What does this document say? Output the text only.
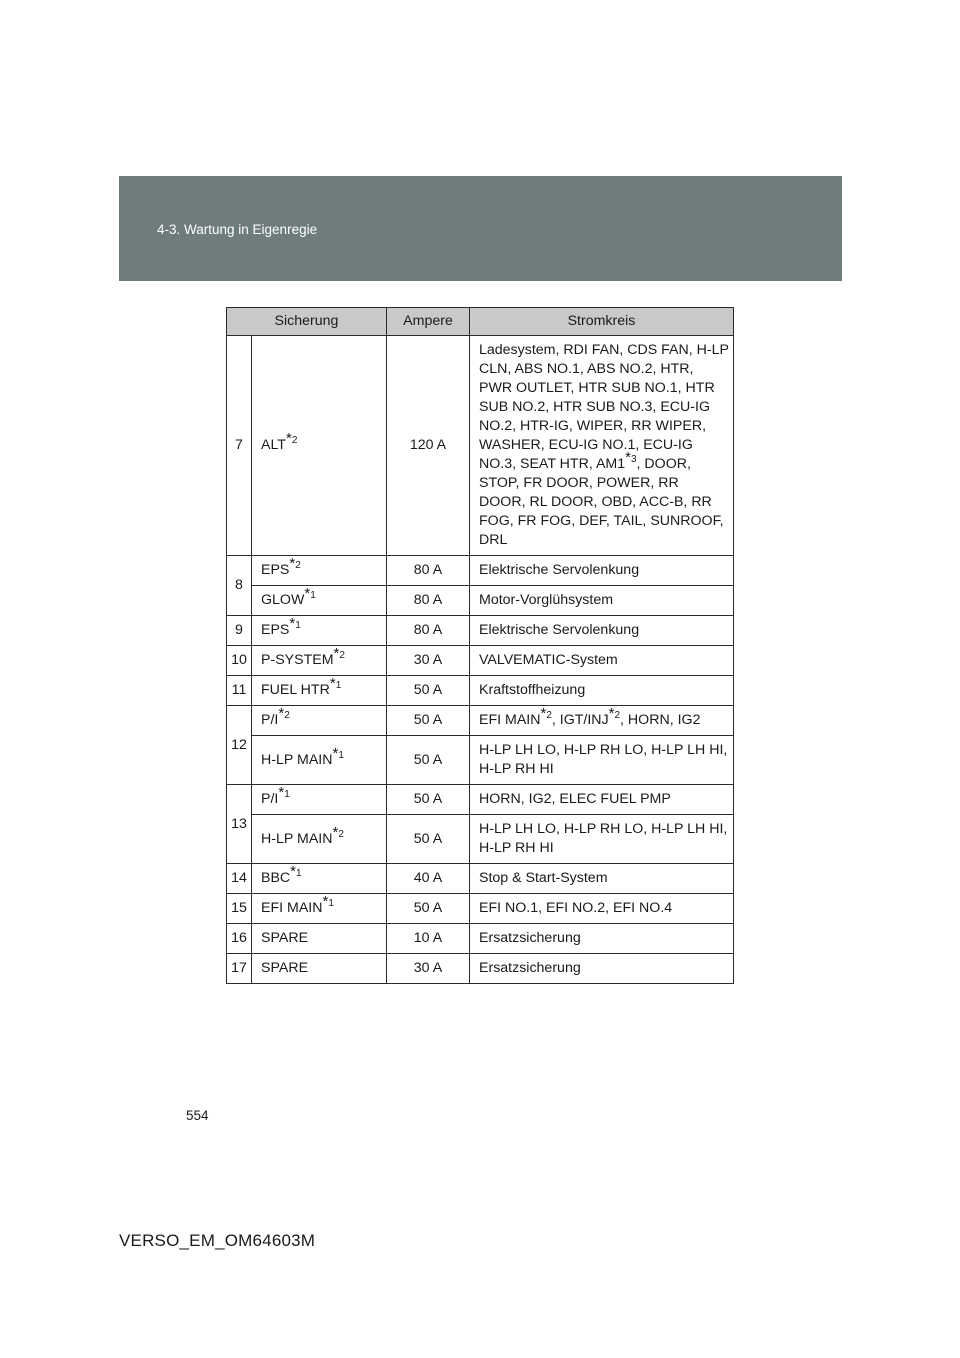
4-3. Wartung in Eigenregie
Sicherung		Ampere	Stromkreis
7	ALT$^{*2}$	120 A	Ladesystem, RDI FAN, CDS FAN, H-LP CLN, ABS NO.1, ABS NO.2, HTR, PWR OUTLET, HTR SUB NO.1, HTR SUB NO.2, HTR SUB NO.3, ECU-IG NO.2, HTR-IG, WIPER, RR WIPER, WASHER, ECU-IG NO.1, ECU-IG NO.3, SEAT HTR, AM1$^{*3}$, DOOR, STOP, FR DOOR, POWER, RR DOOR, RL DOOR, OBD, ACC-B, RR FOG, FR FOG, DEF, TAIL, SUNROOF, DRL
8	EPS$^{*2}$	80 A	Elektrische Servolenkung
	GLOW$^{*1}$	80 A	Motor-Vorglühsystem
9	EPS$^{*1}$	80 A	Elektrische Servolenkung
10	P-SYSTEM$^{*2}$	30 A	VALVEMATIC-System
11	FUEL HTR$^{*1}$	50 A	Kraftstoffheizung
12	$P/I^{*2}$	50 A	EFI MAIN$^{*2}$, IGT/INJ$^{*2}$, HORN, IG2
	H-LP MAIN$^{*1}$	50 A	H-LP LH LO, H-LP RH LO, H-LP LH HI, H-LP RH HI
13	$P/I^{*1}$	50 A	HORN, IG2, ELEC FUEL PMP
	H-LP MAIN$^{*2}$	50 A	H-LP LH LO, H-LP RH LO, H-LP LH HI, H-LP RH HI
14	BBC$^{*1}$	40 A	Stop & Start-System
15	EFI MAIN$^{*1}$	50 A	EFI NO.1, EFI NO.2, EFI NO.4
16	SPARE	10 A	Ersatzsicherung
17	SPARE	30 A	Ersatzsicherung
554
VERSO_EM_OM64603M
